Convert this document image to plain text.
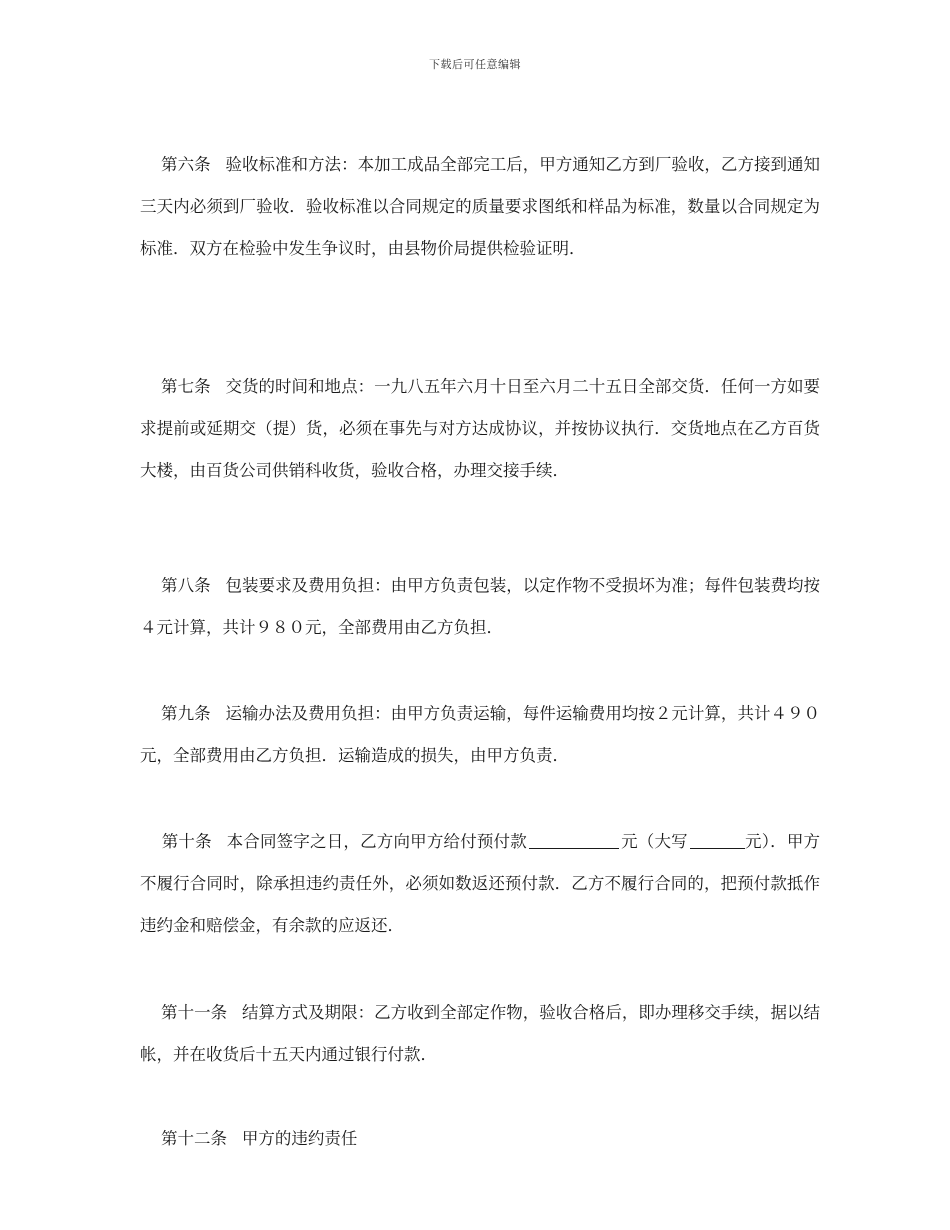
下载后可任意编辑

第六条 验收标准和方法：本加工成品全部完工后，甲方通知乙方到厂验收，乙方接到通知三天内必须到厂验收．验收标准以合同规定的质量要求图纸和样品为标准，数量以合同规定为标准．双方在检验中发生争议时，由县物价局提供检验证明．

第七条 交货的时间和地点：一九八五年六月十日至六月二十五日全部交货．任何一方如要求提前或延期交（提）货，必须在事先与对方达成协议，并按协议执行．交货地点在乙方百货大楼，由百货公司供销科收货，验收合格，办理交接手续．

第八条 包装要求及费用负担：由甲方负责包装，以定作物不受损坏为准；每件包装费均按４元计算，共计９８０元，全部费用由乙方负担．

第九条 运输办法及费用负担：由甲方负责运输，每件运输费用均按２元计算，共计４９０元，全部费用由乙方负担．运输造成的损失，由甲方负责．

第十条 本合同签字之日，乙方向甲方给付预付款	元（大写	元）．甲方不履行合同时，除承担违约责任外，必须如数返还预付款．乙方不履行合同的，把预付款抵作违约金和赔偿金，有余款的应返还．

第十一条 结算方式及期限：乙方收到全部定作物，验收合格后，即办理移交手续，据以结帐，并在收货后十五天内通过银行付款．

第十二条 甲方的违约责任
